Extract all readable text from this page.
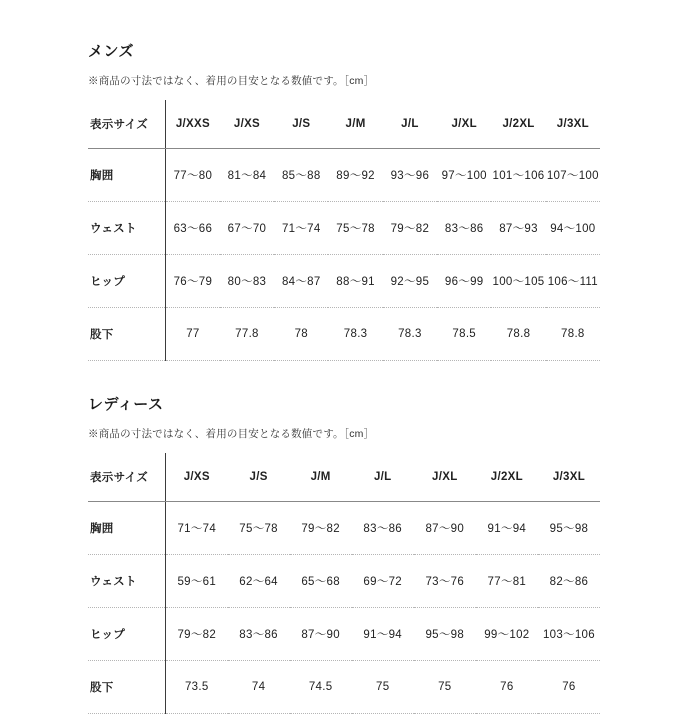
メンズ
※商品の寸法ではなく、着用の目安となる数値です。［cm］
表示サイズ	J/XXS	J/XS	J/S	J/M	J/L	J/XL	J/2XL	J/3XL
胸囲	77〜80	81〜84	85〜88	89〜92	93〜96	97〜100	101〜106	107〜100
ウェスト	63〜66	67〜70	71〜74	75〜78	79〜82	83〜86	87〜93	94〜100
ヒップ	76〜79	80〜83	84〜87	88〜91	92〜95	96〜99	100〜105	106〜111
股下	77	77.8	78	78.3	78.3	78.5	78.8	78.8
レディース
※商品の寸法ではなく、着用の目安となる数値です。［cm］
表示サイズ	J/XS	J/S	J/M	J/L	J/XL	J/2XL	J/3XL
胸囲	71〜74	75〜78	79〜82	83〜86	87〜90	91〜94	95〜98
ウェスト	59〜61	62〜64	65〜68	69〜72	73〜76	77〜81	82〜86
ヒップ	79〜82	83〜86	87〜90	91〜94	95〜98	99〜102	103〜106
股下	73.5	74	74.5	75	75	76	76
